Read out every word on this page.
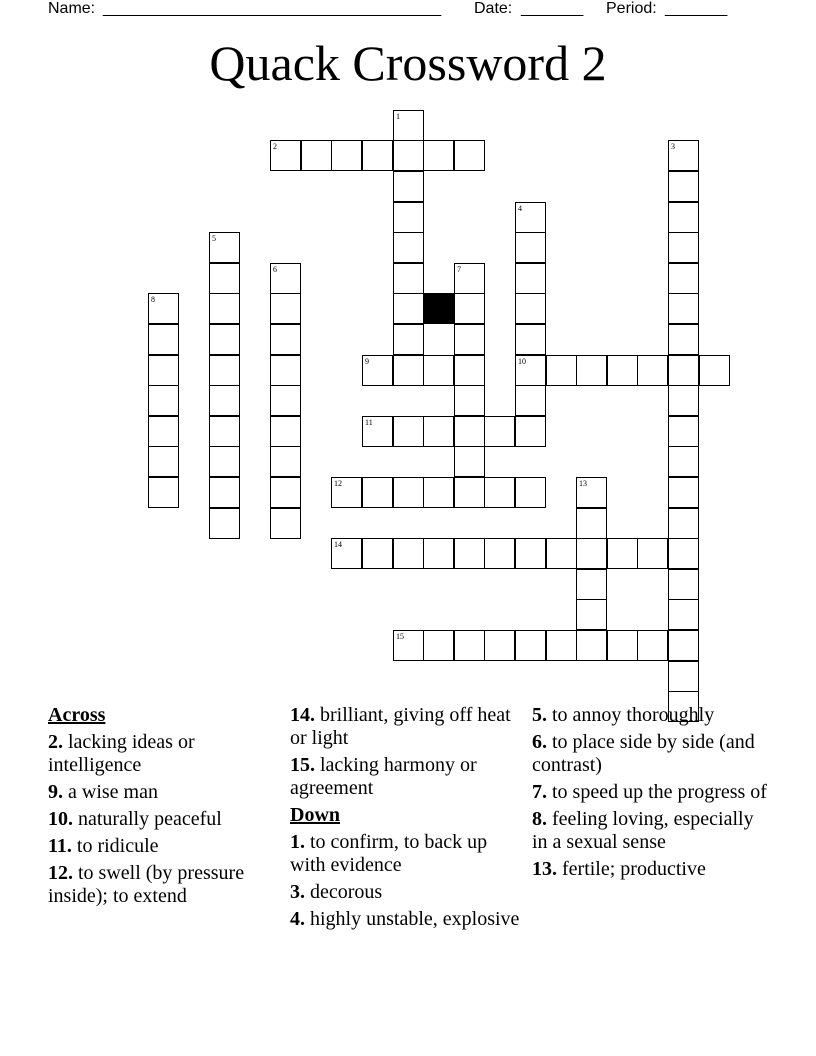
Name: ______________________________________ Date: _______ Period: _______
Quack Crossword 2
2
9	10
11
12
14
15
1
3
4
5
6	7
8
13
Across
2. lacking ideas or intelligence
9. a wise man
10. naturally peaceful
11. to ridicule
12. to swell (by pressure inside); to extend
14. brilliant, giving off heat or light
15. lacking harmony or agreement
Down
1. to confirm, to back up with evidence
3. decorous
4. highly unstable, explosive
5. to annoy thoroughly
6. to place side by side (and contrast)
7. to speed up the progress of
8. feeling loving, especially in a sexual sense
13. fertile; productive
